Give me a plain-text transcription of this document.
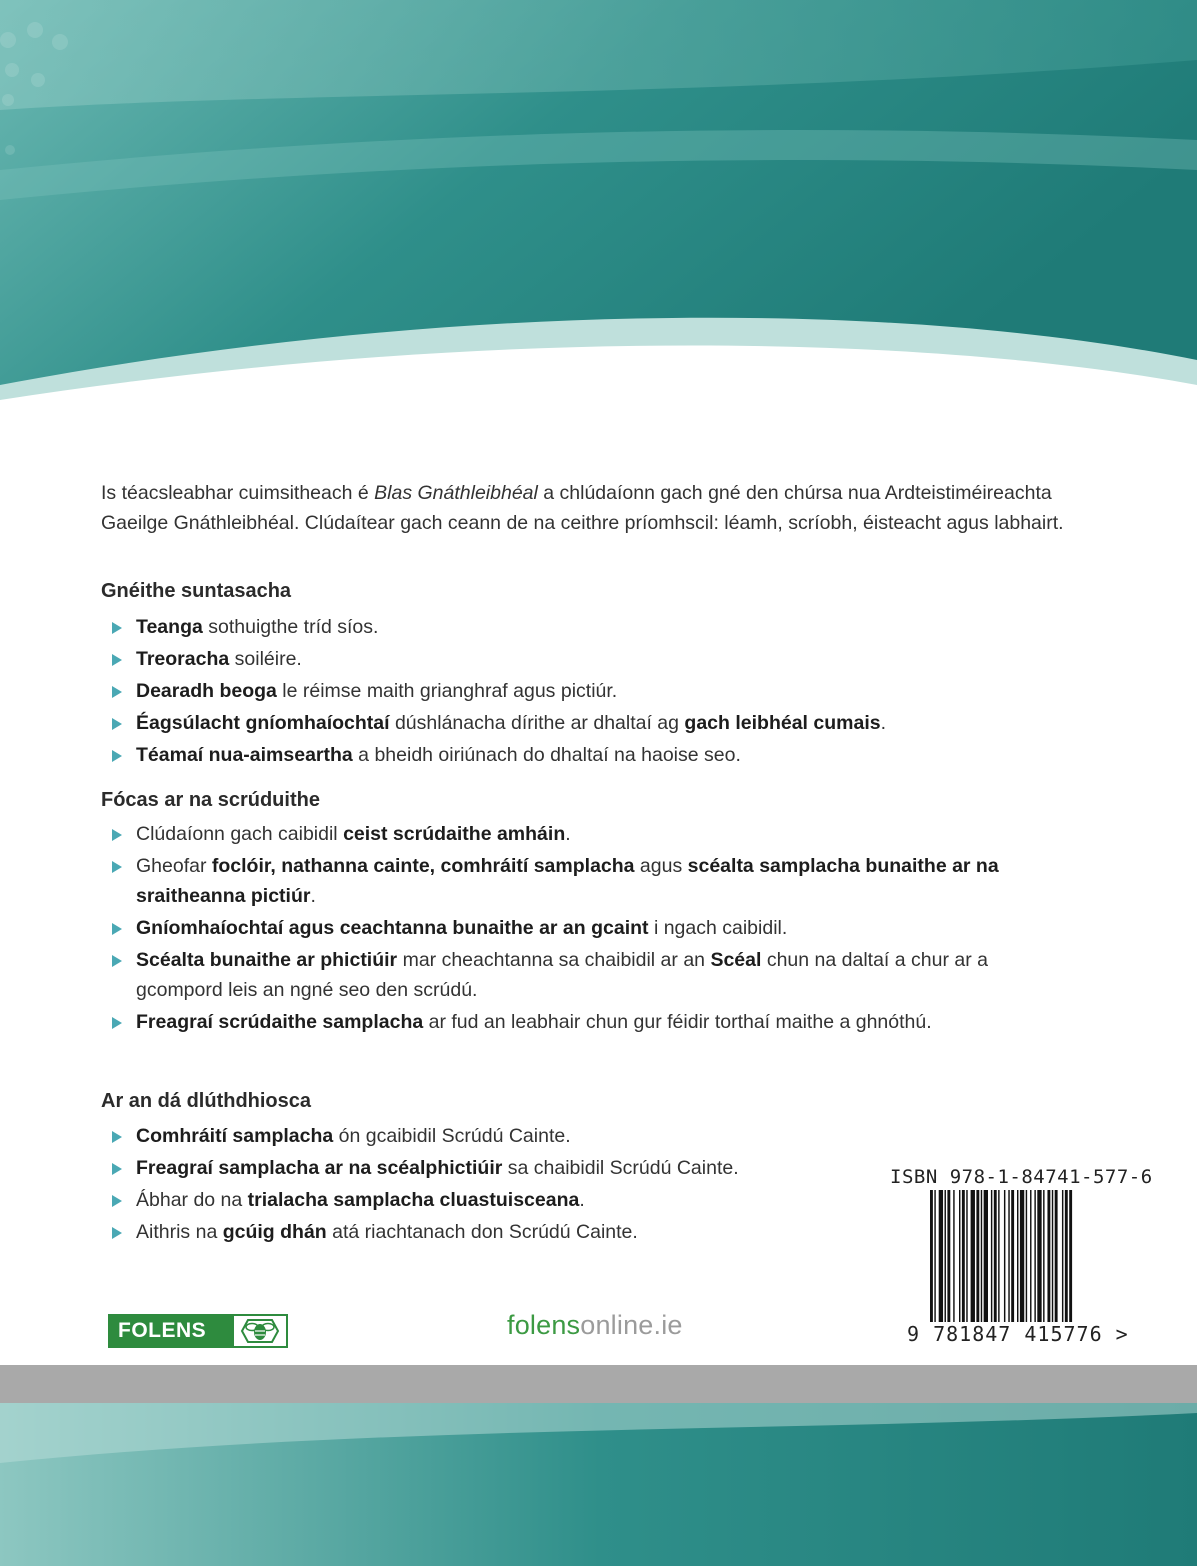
Is téacsleabhar cuimsitheach é Blas Gnáthleibhéal a chlúdaíonn gach gné den chúrsa nua Ardteistiméireachta Gaeilge Gnáthleibhéal. Clúdaítear gach ceann de na ceithre príomhscil: léamh, scríobh, éisteacht agus labhairt.
Gnéithe suntasacha
Teanga sothuigthe tríd síos.
Treoracha soiléire.
Dearadh beoga le réimse maith grianghraf agus pictiúr.
Éagsúlacht gníomhaíochtaí dúshlánacha dírithe ar dhaltaí ag gach leibhéal cumais.
Téamaí nua-aimseartha a bheidh oiriúnach do dhaltaí na haoise seo.
Fócas ar na scrúduithe
Clúdaíonn gach caibidil ceist scrúdaithe amháin.
Gheofar foclóir, nathanna cainte, comhráití samplacha agus scéalta samplacha bunaithe ar na sraitheanna pictiúr.
Gníomhaíochtaí agus ceachtanna bunaithe ar an gcaint i ngach caibidil.
Scéalta bunaithe ar phictiúir mar cheachtanna sa chaibidil ar an Scéal chun na daltaí a chur ar a gcompord leis an ngné seo den scrúdú.
Freagraí scrúdaithe samplacha ar fud an leabhair chun gur féidir torthaí maithe a ghnóthú.
Ar an dá dlúthdhiosca
Comhráití samplacha ón gcaibidil Scrúdú Cainte.
Freagraí samplacha ar na scéalphictiúir sa chaibidil Scrúdú Cainte.
Ábhar do na trialacha samplacha cluastuisceana.
Aithris na gcúig dhán atá riachtanach don Scrúdú Cainte.
ISBN 978-1-84741-577-6
9 781847 415776 >
FOLENS	folensonline.ie
